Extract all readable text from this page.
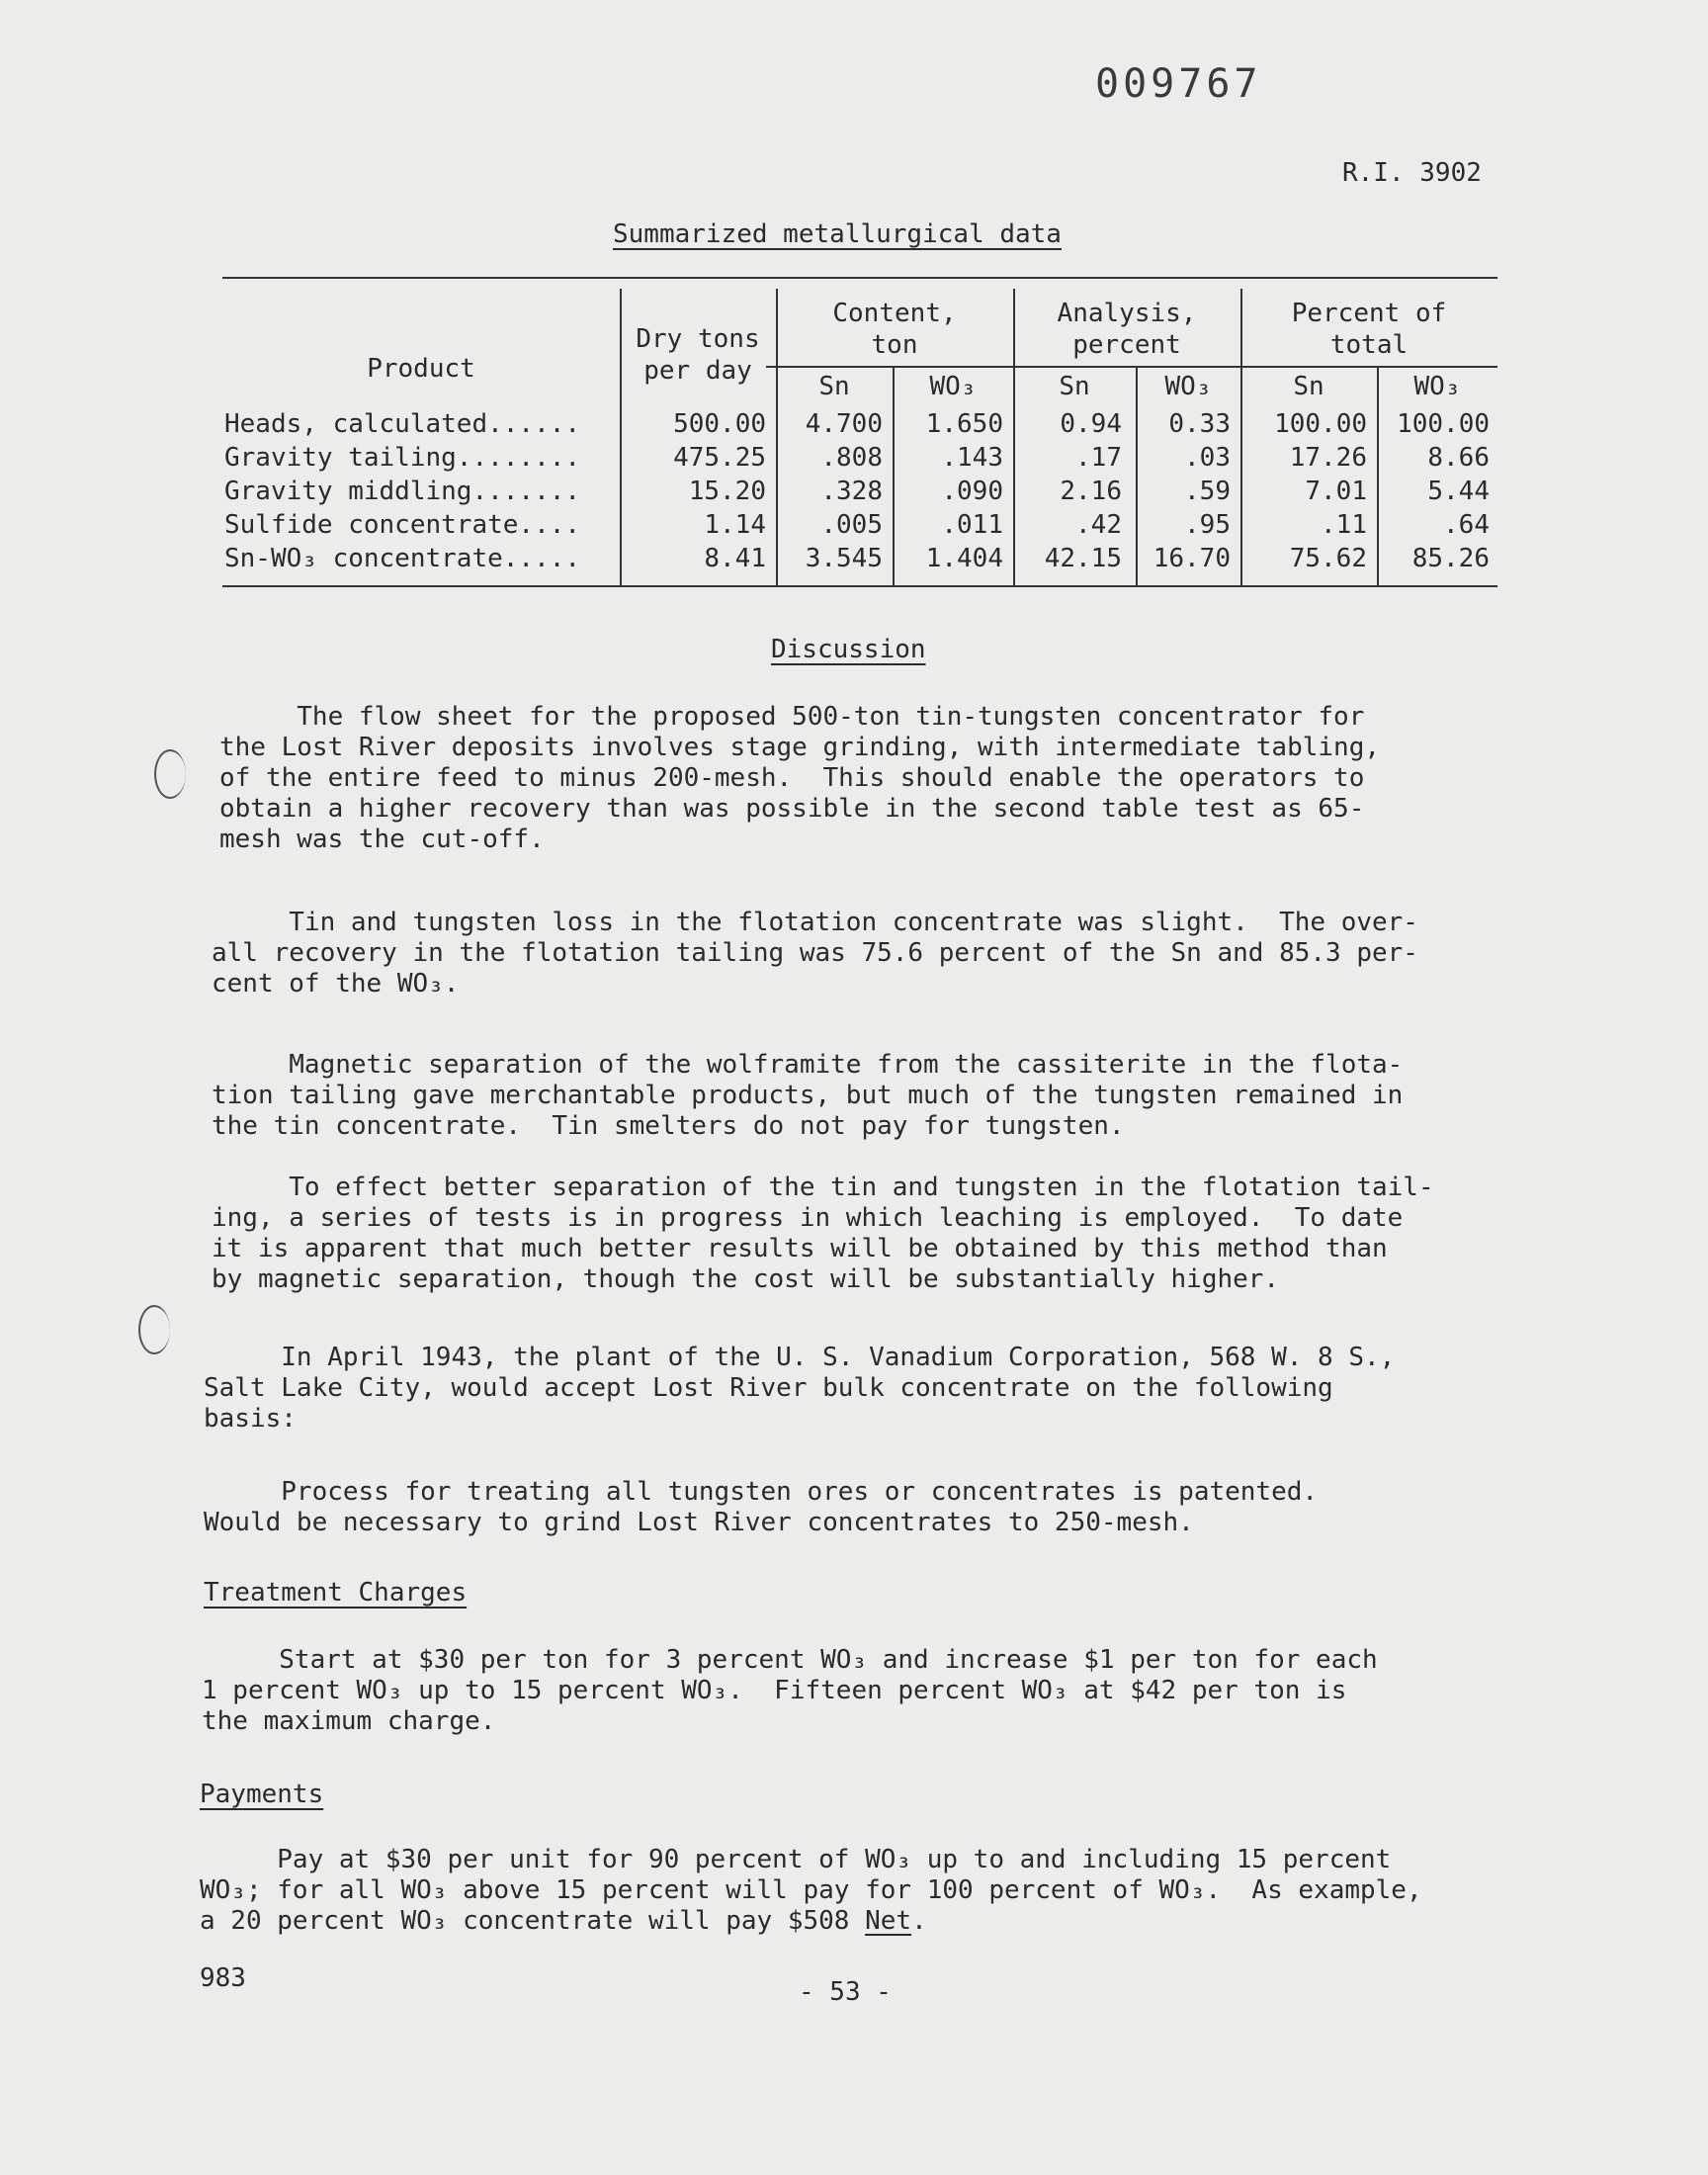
009767
R.I. 3902
Summarized metallurgical data
Product
Dry tons
per day
Content,
ton
Analysis,
percent
Percent of
total
Sn	WO₃	Sn	WO₃	Sn	WO₃
Heads, calculated......	500.00	4.700	1.650	0.94	0.33	100.00	100.00
Gravity tailing........	475.25	.808	.143	.17	.03	17.26	8.66
Gravity middling.......	15.20	.328	.090	2.16	.59	7.01	5.44
Sulfide concentrate....	1.14	.005	.011	.42	.95	.11	.64
Sn-WO₃ concentrate.....	8.41	3.545	1.404	42.15	16.70	75.62	85.26
Discussion
The flow sheet for the proposed 500-ton tin-tungsten concentrator for
the Lost River deposits involves stage grinding, with intermediate tabling,
of the entire feed to minus 200-mesh.  This should enable the operators to
obtain a higher recovery than was possible in the second table test as 65-
mesh was the cut-off.
Tin and tungsten loss in the flotation concentrate was slight.  The over-
all recovery in the flotation tailing was 75.6 percent of the Sn and 85.3 per-
cent of the WO₃.
Magnetic separation of the wolframite from the cassiterite in the flota-
tion tailing gave merchantable products, but much of the tungsten remained in
the tin concentrate.  Tin smelters do not pay for tungsten.
To effect better separation of the tin and tungsten in the flotation tail-
ing, a series of tests is in progress in which leaching is employed.  To date
it is apparent that much better results will be obtained by this method than
by magnetic separation, though the cost will be substantially higher.
In April 1943, the plant of the U. S. Vanadium Corporation, 568 W. 8 S.,
Salt Lake City, would accept Lost River bulk concentrate on the following
basis:
Process for treating all tungsten ores or concentrates is patented.
Would be necessary to grind Lost River concentrates to 250-mesh.
Treatment Charges
Start at $30 per ton for 3 percent WO₃ and increase $1 per ton for each
1 percent WO₃ up to 15 percent WO₃.  Fifteen percent WO₃ at $42 per ton is
the maximum charge.
Payments
Pay at $30 per unit for 90 percent of WO₃ up to and including 15 percent
WO₃; for all WO₃ above 15 percent will pay for 100 percent of WO₃.  As example,
a 20 percent WO₃ concentrate will pay $508 Net.
983	- 53 -
